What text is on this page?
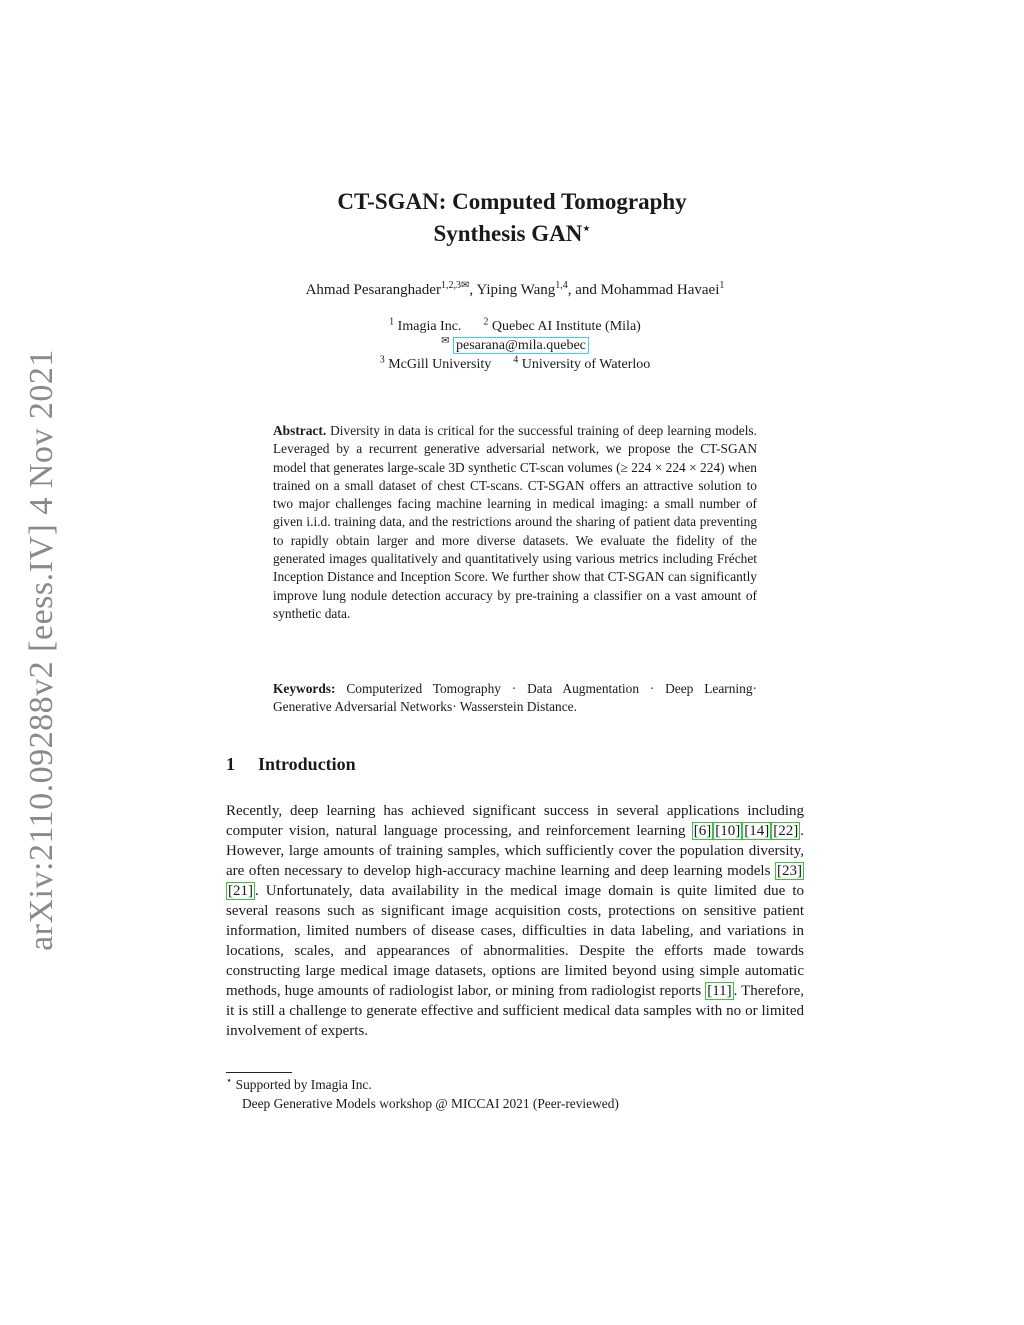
arXiv:2110.09288v2 [eess.IV] 4 Nov 2021
CT-SGAN: Computed Tomography
Synthesis GAN⋆
Ahmad Pesaranghader$^{1,2,3✉}$, Yiping Wang$^{1,4}$, and Mohammad Havaei$^1$
$^1$ Imagia Inc. $^2$ Quebec AI Institute (Mila)
✉ pesarana@mila.quebec
$^3$ McGill University $^4$ University of Waterloo
Abstract. Diversity in data is critical for the successful training of deep learning models. Leveraged by a recurrent generative adversarial network, we propose the CT-SGAN model that generates large-scale 3D synthetic CT-scan volumes (≥ 224 × 224 × 224) when trained on a small dataset of chest CT-scans. CT-SGAN offers an attractive solution to two major challenges facing machine learning in medical imaging: a small number of given i.i.d. training data, and the restrictions around the sharing of patient data preventing to rapidly obtain larger and more diverse datasets. We evaluate the fidelity of the generated images qualitatively and quantitatively using various metrics including Fréchet Inception Distance and Inception Score. We further show that CT-SGAN can significantly improve lung nodule detection accuracy by pre-training a classifier on a vast amount of synthetic data.
Keywords: Computerized Tomography · Data Augmentation · Deep Learning· Generative Adversarial Networks· Wasserstein Distance.
1 Introduction

Recently, deep learning has achieved significant success in several applications including computer vision, natural language processing, and reinforcement learning [6] [10] [14] [22] . However, large amounts of training samples, which sufficiently cover the population diversity, are often necessary to develop high-accuracy machine learning and deep learning models [23][21] . Unfortunately, data availability in the medical image domain is quite limited due to several reasons such as significant image acquisition costs, protections on sensitive patient information, limited numbers of disease cases, difficulties in data labeling, and variations in locations, scales, and appearances of abnormalities. Despite the efforts made towards constructing large medical image datasets, options are limited beyond using simple automatic methods, huge amounts of radiologist labor, or mining from radiologist reports [11] . Therefore, it is still a challenge to generate effective and sufficient medical data samples with no or limited involvement of experts.

⋆ Supported by Imagia Inc.
Deep Generative Models workshop @ MICCAI 2021 (Peer-reviewed)
